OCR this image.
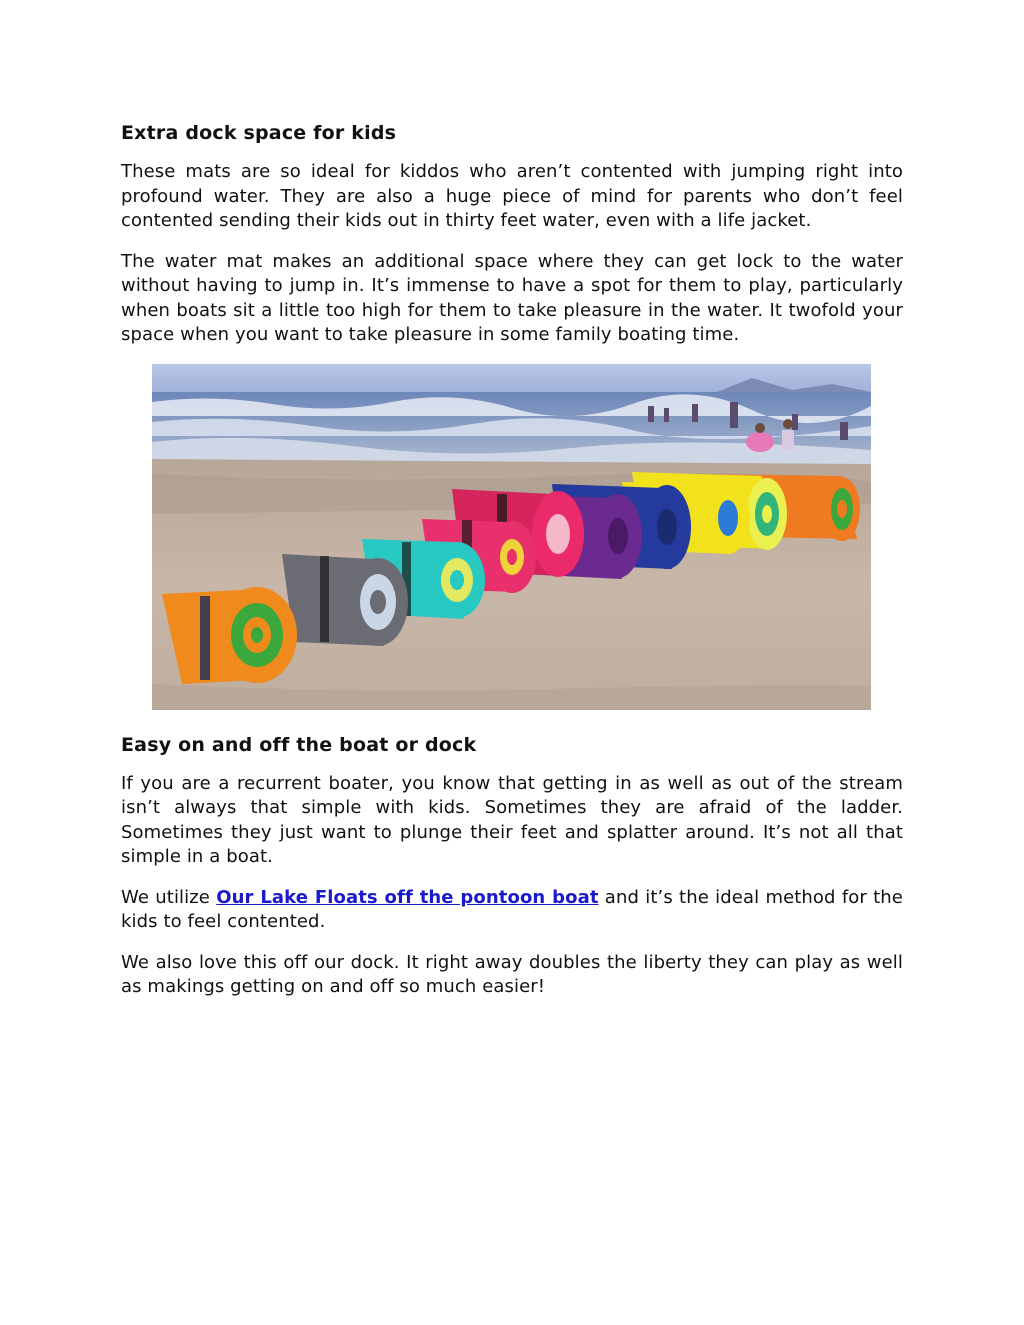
Extra dock space for kids

These mats are so ideal for kiddos who aren’t contented with jumping right into profound water. They are also a huge piece of mind for parents who don’t feel contented sending their kids out in thirty feet water, even with a life jacket.

The water mat makes an additional space where they can get lock to the water without having to jump in. It’s immense to have a spot for them to play, particularly when boats sit a little too high for them to take pleasure in the water. It twofold your space when you want to take pleasure in some family boating time.

Easy on and off the boat or dock

If you are a recurrent boater, you know that getting in as well as out of the stream isn’t always that simple with kids. Sometimes they are afraid of the ladder. Sometimes they just want to plunge their feet and splatter around. It’s not all that simple in a boat.

We utilize Our Lake Floats off the pontoon boat and it’s the ideal method for the kids to feel contented.

We also love this off our dock. It right away doubles the liberty they can play as well as makings getting on and off so much easier!
